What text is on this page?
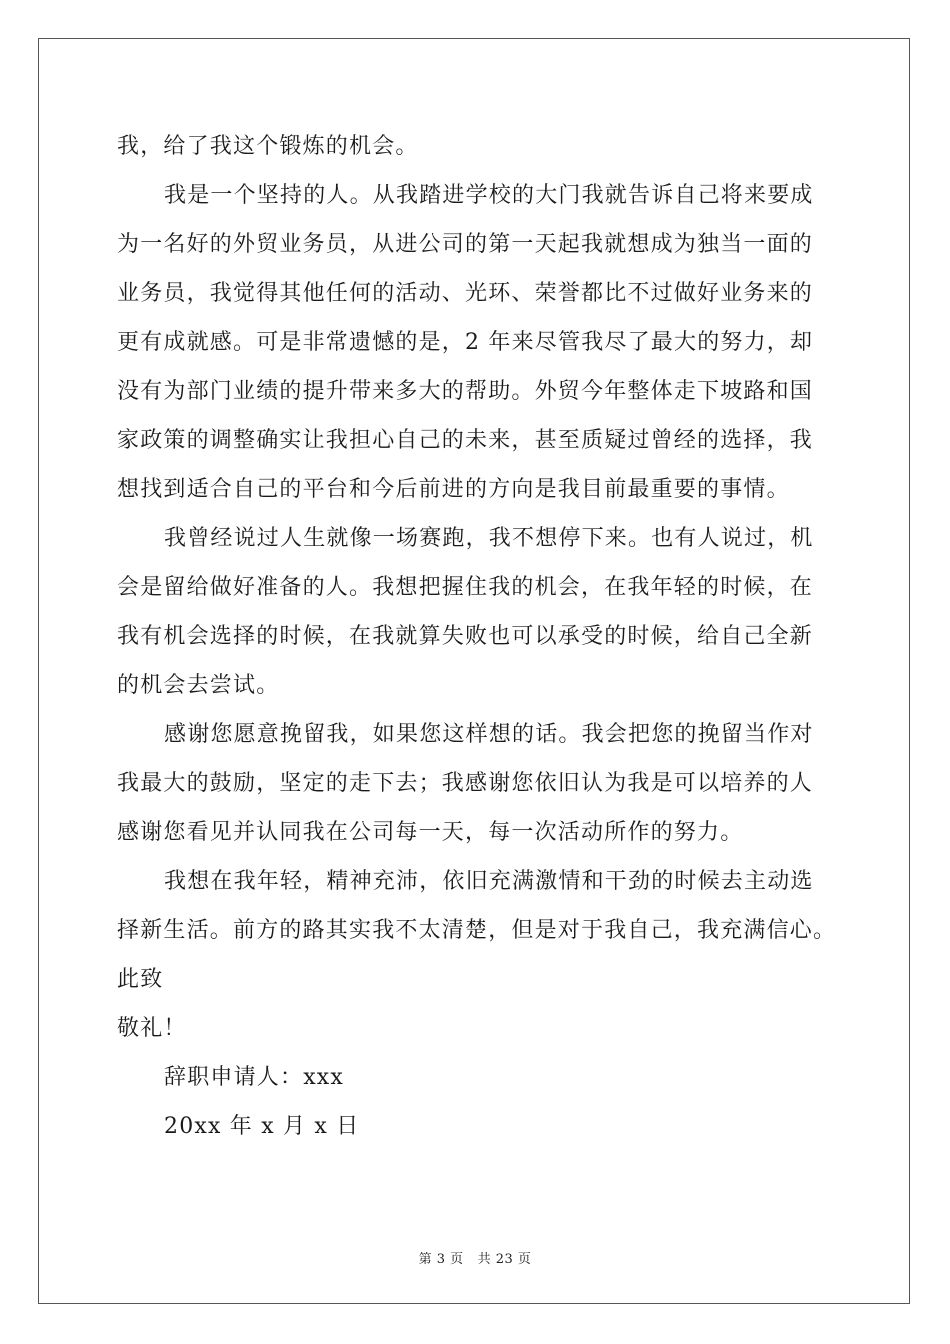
我，给了我这个锻炼的机会。

我是一个坚持的人。从我踏进学校的大门我就告诉自己将来要成

为一名好的外贸业务员，从进公司的第一天起我就想成为独当一面的

业务员，我觉得其他任何的活动、光环、荣誉都比不过做好业务来的

更有成就感。可是非常遗憾的是，2 年来尽管我尽了最大的努力，却

没有为部门业绩的提升带来多大的帮助。外贸今年整体走下坡路和国

家政策的调整确实让我担心自己的未来，甚至质疑过曾经的选择，我

想找到适合自己的平台和今后前进的方向是我目前最重要的事情。

我曾经说过人生就像一场赛跑，我不想停下来。也有人说过，机

会是留给做好准备的人。我想把握住我的机会，在我年轻的时候，在

我有机会选择的时候，在我就算失败也可以承受的时候，给自己全新

的机会去尝试。

感谢您愿意挽留我，如果您这样想的话。我会把您的挽留当作对

我最大的鼓励，坚定的走下去；我感谢您依旧认为我是可以培养的人

感谢您看见并认同我在公司每一天，每一次活动所作的努力。

我想在我年轻，精神充沛，依旧充满激情和干劲的时候去主动选

择新生活。前方的路其实我不太清楚，但是对于我自己，我充满信心。

此致

敬礼！

辞职申请人：xxx

20xx 年 x 月 x 日

第 3 页 共 23 页
